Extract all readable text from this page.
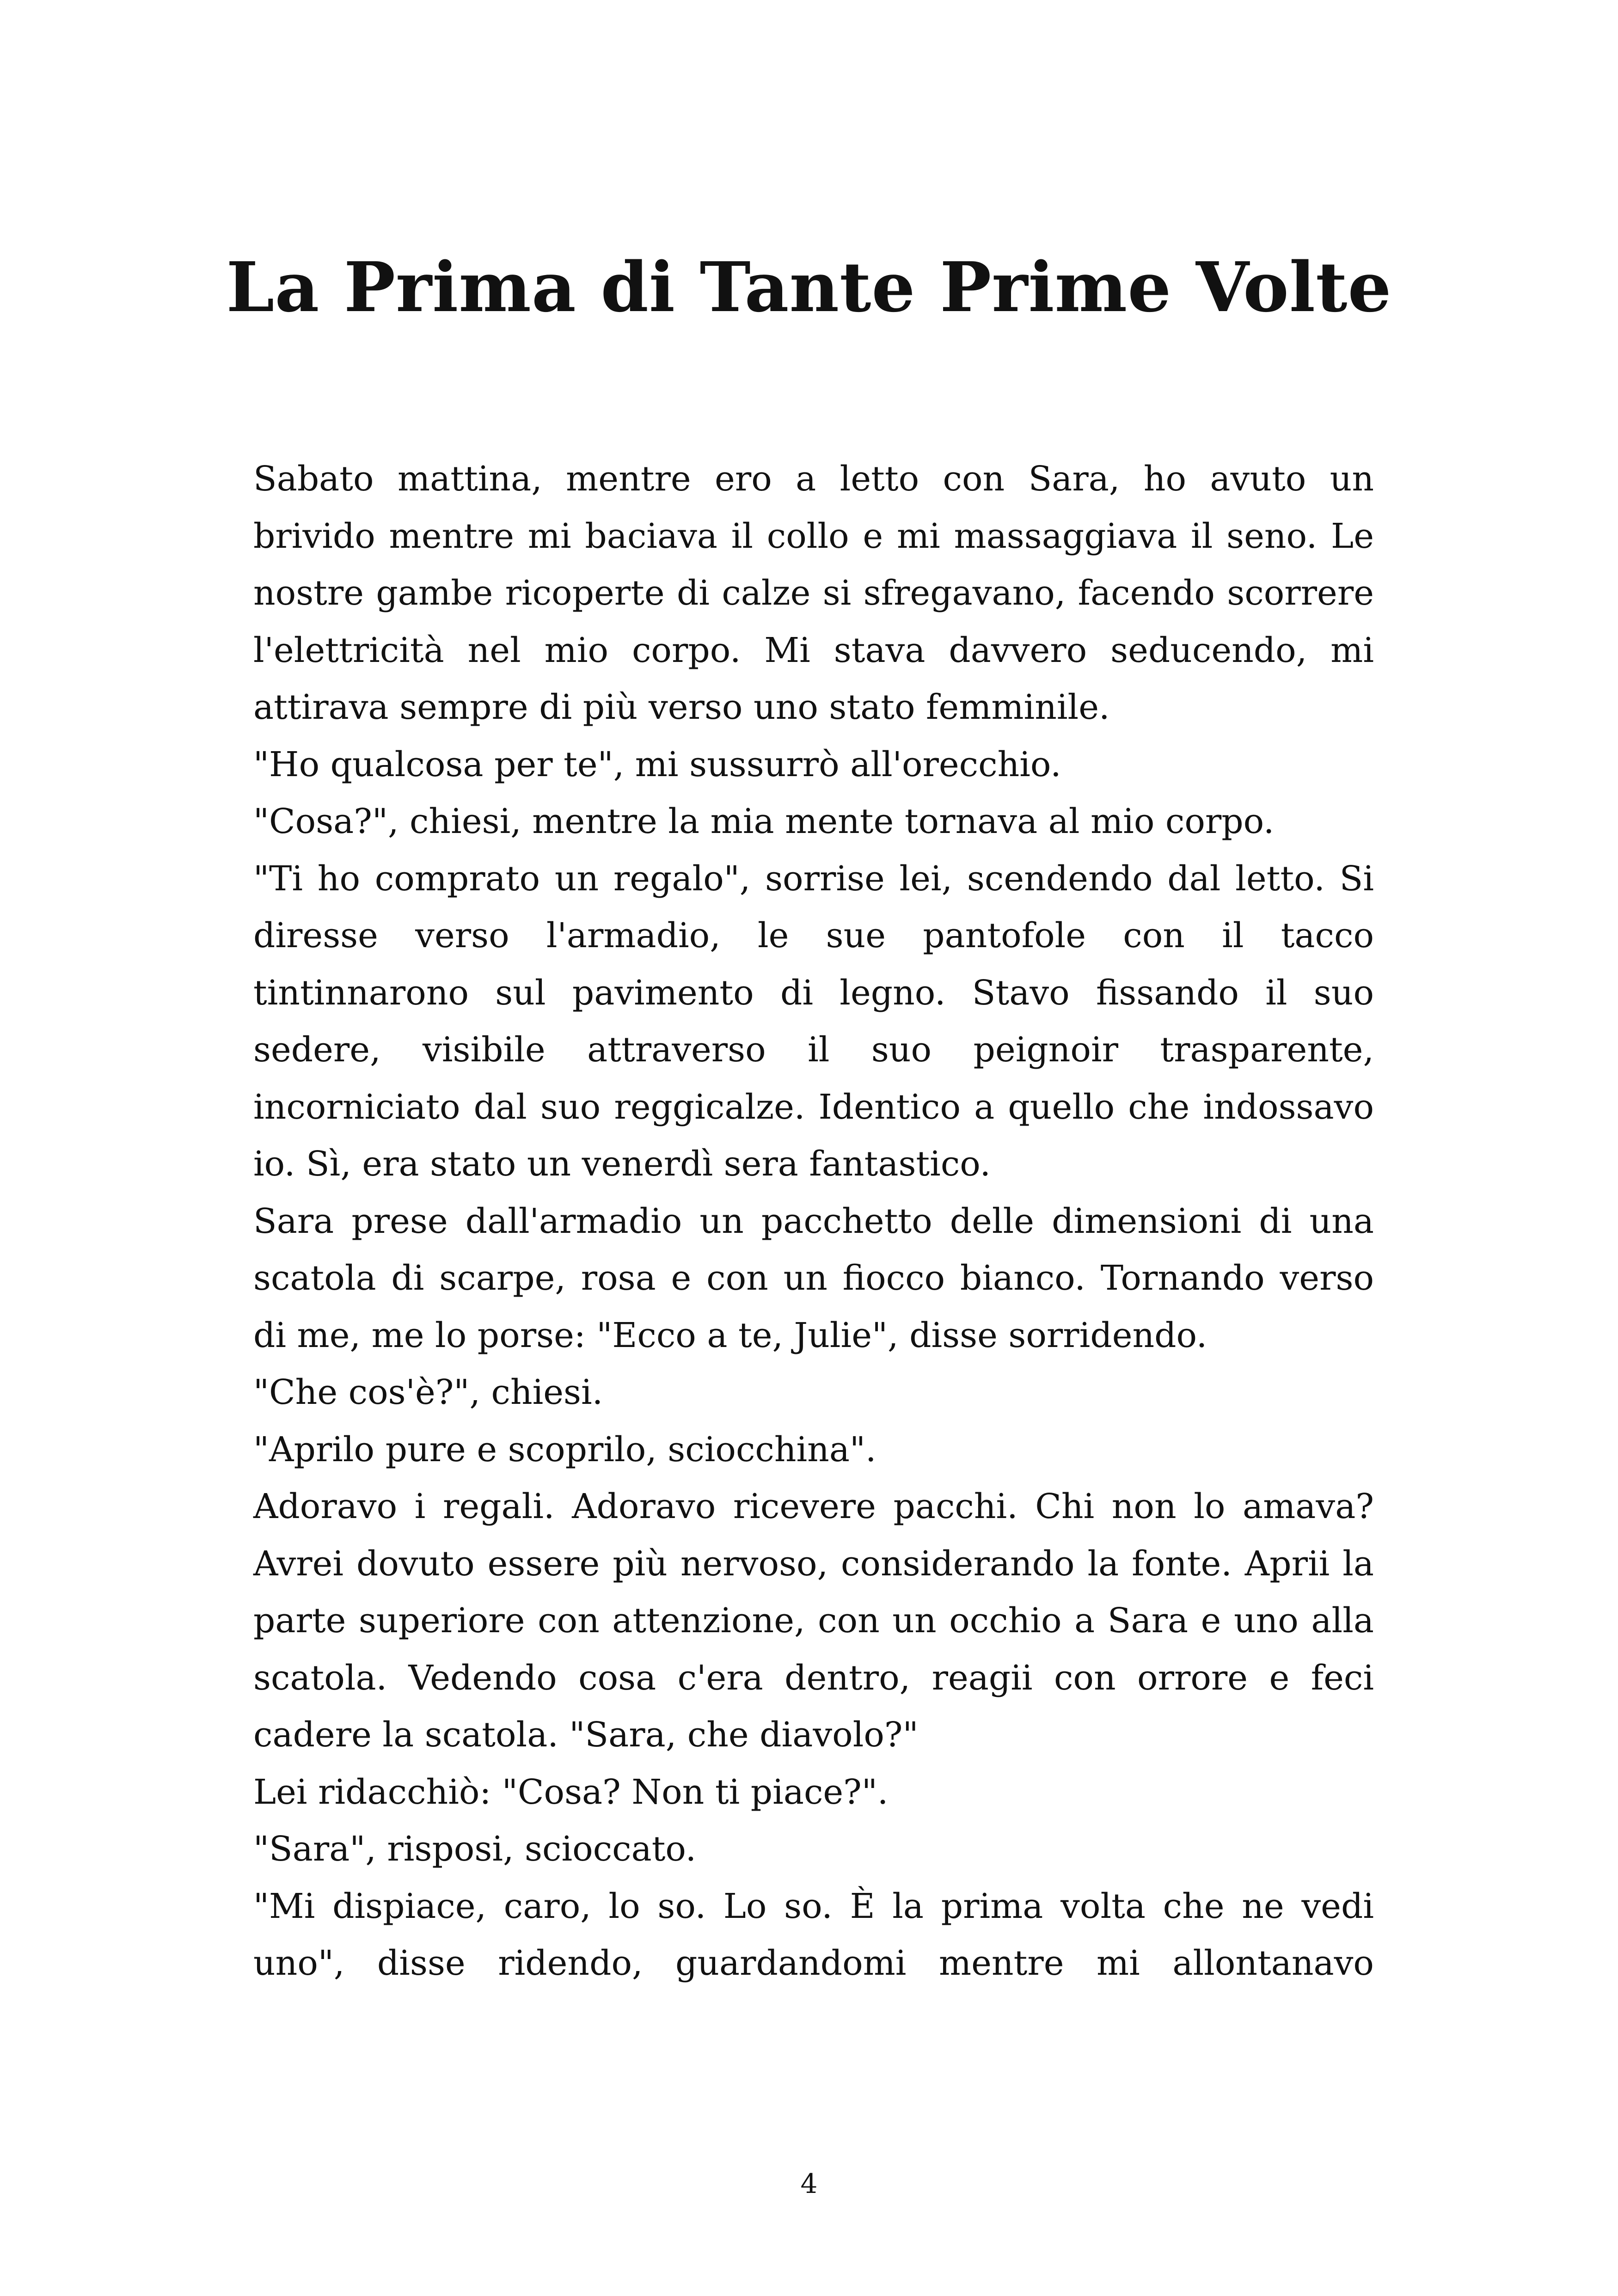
La Prima di Tante Prime Volte

Sabato mattina, mentre ero a letto con Sara, ho avuto un brivido mentre mi baciava il collo e mi massaggiava il seno. Le nostre gambe ricoperte di calze si sfregavano, facendo scorrere l'elettricità nel mio corpo. Mi stava davvero seducendo, mi attirava sempre di più verso uno stato femminile.

"Ho qualcosa per te", mi sussurrò all'orecchio.

"Cosa?", chiesi, mentre la mia mente tornava al mio corpo.

"Ti ho comprato un regalo", sorrise lei, scendendo dal letto. Si diresse verso l'armadio, le sue pantofole con il tacco tintinnarono sul pavimento di legno. Stavo fissando il suo sedere, visibile attraverso il suo peignoir trasparente, incorniciato dal suo reggicalze. Identico a quello che indossavo io. Sì, era stato un venerdì sera fantastico.

Sara prese dall'armadio un pacchetto delle dimensioni di una scatola di scarpe, rosa e con un fiocco bianco. Tornando verso di me, me lo porse: "Ecco a te, Julie", disse sorridendo.

"Che cos'è?", chiesi.

"Aprilo pure e scoprilo, sciocchina".

Adoravo i regali. Adoravo ricevere pacchi. Chi non lo amava? Avrei dovuto essere più nervoso, considerando la fonte. Aprii la parte superiore con attenzione, con un occhio a Sara e uno alla scatola. Vedendo cosa c'era dentro, reagii con orrore e feci cadere la scatola. "Sara, che diavolo?"

Lei ridacchiò: "Cosa? Non ti piace?".

"Sara", risposi, scioccato.

"Mi dispiace, caro, lo so. Lo so. È la prima volta che ne vedi uno", disse ridendo, guardandomi mentre mi allontanavo

4
